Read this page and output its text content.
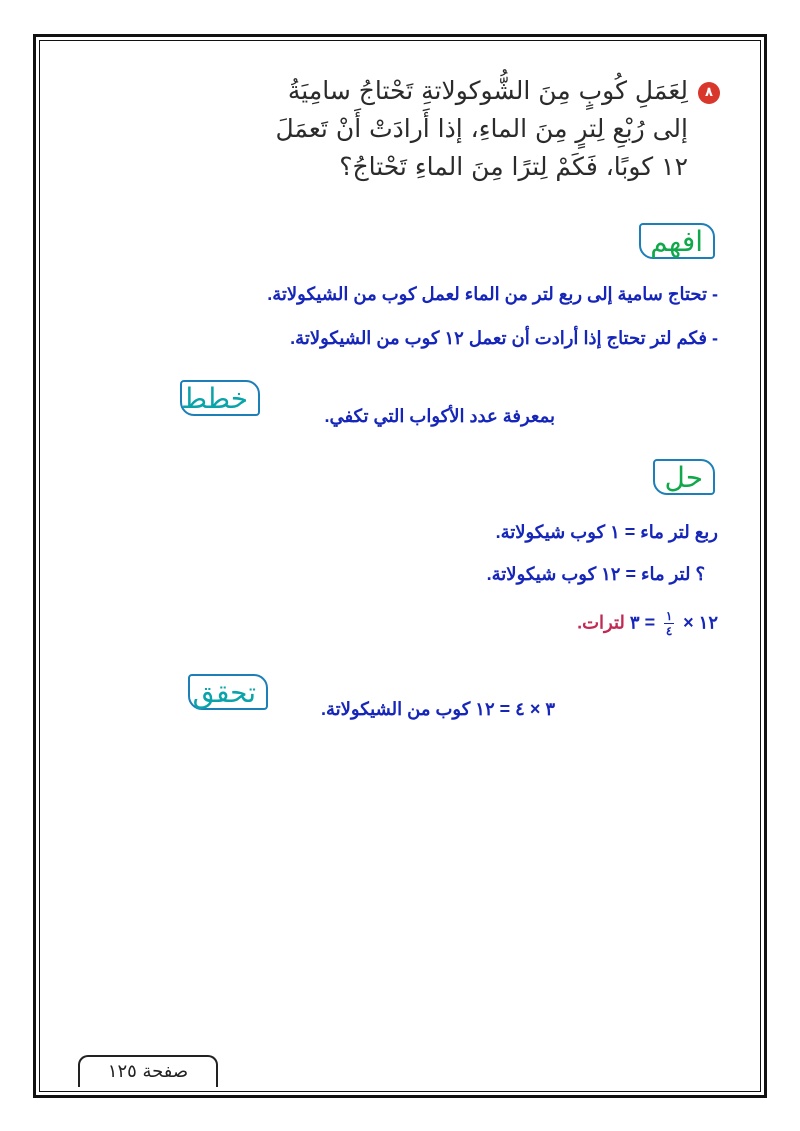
٨
لِعَمَلِ كُوبٍ مِنَ الشُّوكولاتةِ تَحْتاجُ سامِيَةُ
إلى رُبْعِ لِترٍ مِنَ الماءِ، إذا أَرادَتْ أَنْ تَعمَلَ
١٢ كوبًا، فَكَمْ لِترًا مِنَ الماءِ تَحْتاجُ؟
افهم
- تحتاج سامية إلى ربع لتر من الماء لعمل كوب من الشيكولاتة.
- فكم لتر تحتاج إذا أرادت أن تعمل ١٢ كوب من الشيكولاتة.
خطط
بمعرفة عدد الأكواب التي تكفي.
حل
ربع لتر ماء = ١ كوب شيكولاتة.
؟ لتر ماء = ١٢ كوب شيكولاتة.
١٢ ×
$\frac{١}{٤}$
= ٣ لترات.
تحقق	٣ × ٤ = ١٢ كوب من الشيكولاتة.
صفحة ١٢٥
